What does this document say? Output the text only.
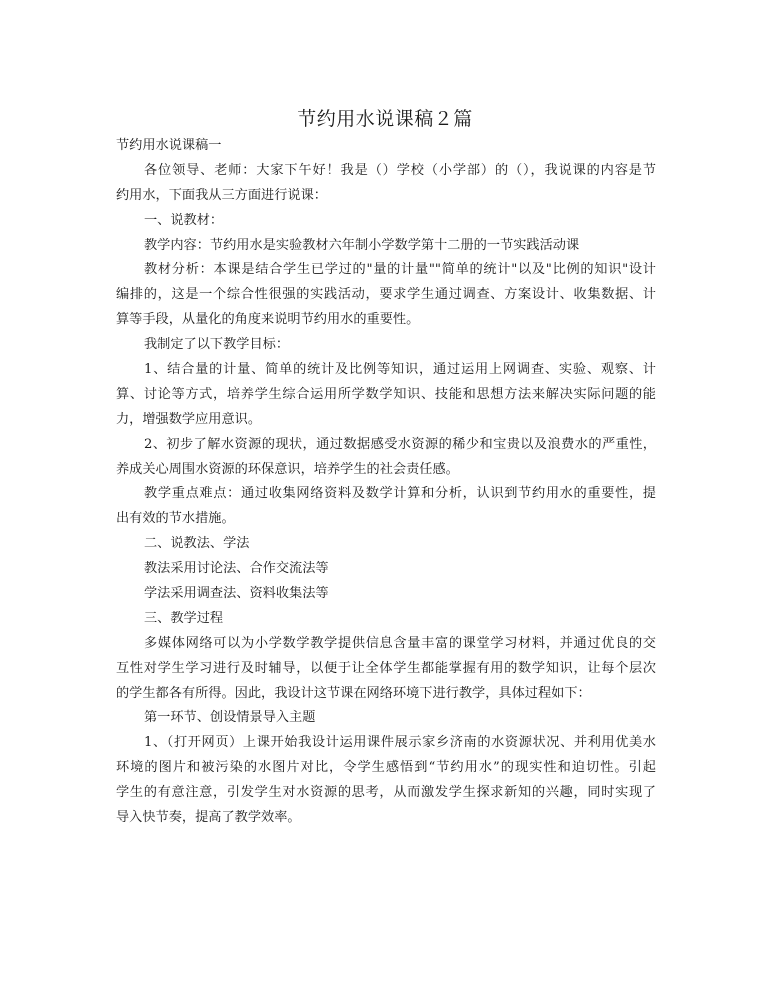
节约用水说课稿２篇

节约用水说课稿一

各位领导、老师：大家下午好！我是（）学校（小学部）的（），我说课的内容是节

约用水，下面我从三方面进行说课：

一、说教材：

教学内容：节约用水是实验教材六年制小学数学第十二册的一节实践活动课

教材分析：本课是结合学生已学过的"量的计量""简单的统计"以及"比例的知识"设计

编排的，这是一个综合性很强的实践活动，要求学生通过调查、方案设计、收集数据、计

算等手段，从量化的角度来说明节约用水的重要性。

我制定了以下教学目标：

1、结合量的计量、简单的统计及比例等知识，通过运用上网调查、实验、观察、计

算、讨论等方式，培养学生综合运用所学数学知识、技能和思想方法来解决实际问题的能

力，增强数学应用意识。

2、初步了解水资源的现状，通过数据感受水资源的稀少和宝贵以及浪费水的严重性，

养成关心周围水资源的环保意识，培养学生的社会责任感。

教学重点难点：通过收集网络资料及数学计算和分析，认识到节约用水的重要性，提

出有效的节水措施。

二、说教法、学法

教法采用讨论法、合作交流法等

学法采用调查法、资料收集法等

三、教学过程

多媒体网络可以为小学数学教学提供信息含量丰富的课堂学习材料，并通过优良的交

互性对学生学习进行及时辅导，以便于让全体学生都能掌握有用的数学知识，让每个层次

的学生都各有所得。因此，我设计这节课在网络环境下进行教学，具体过程如下：

第一环节、创设情景导入主题

1、（打开网页）上课开始我设计运用课件展示家乡济南的水资源状况、并利用优美水

环境的图片和被污染的水图片对比，令学生感悟到“节约用水”的现实性和迫切性。引起

学生的有意注意，引发学生对水资源的思考，从而激发学生探求新知的兴趣，同时实现了

导入快节奏，提高了教学效率。
